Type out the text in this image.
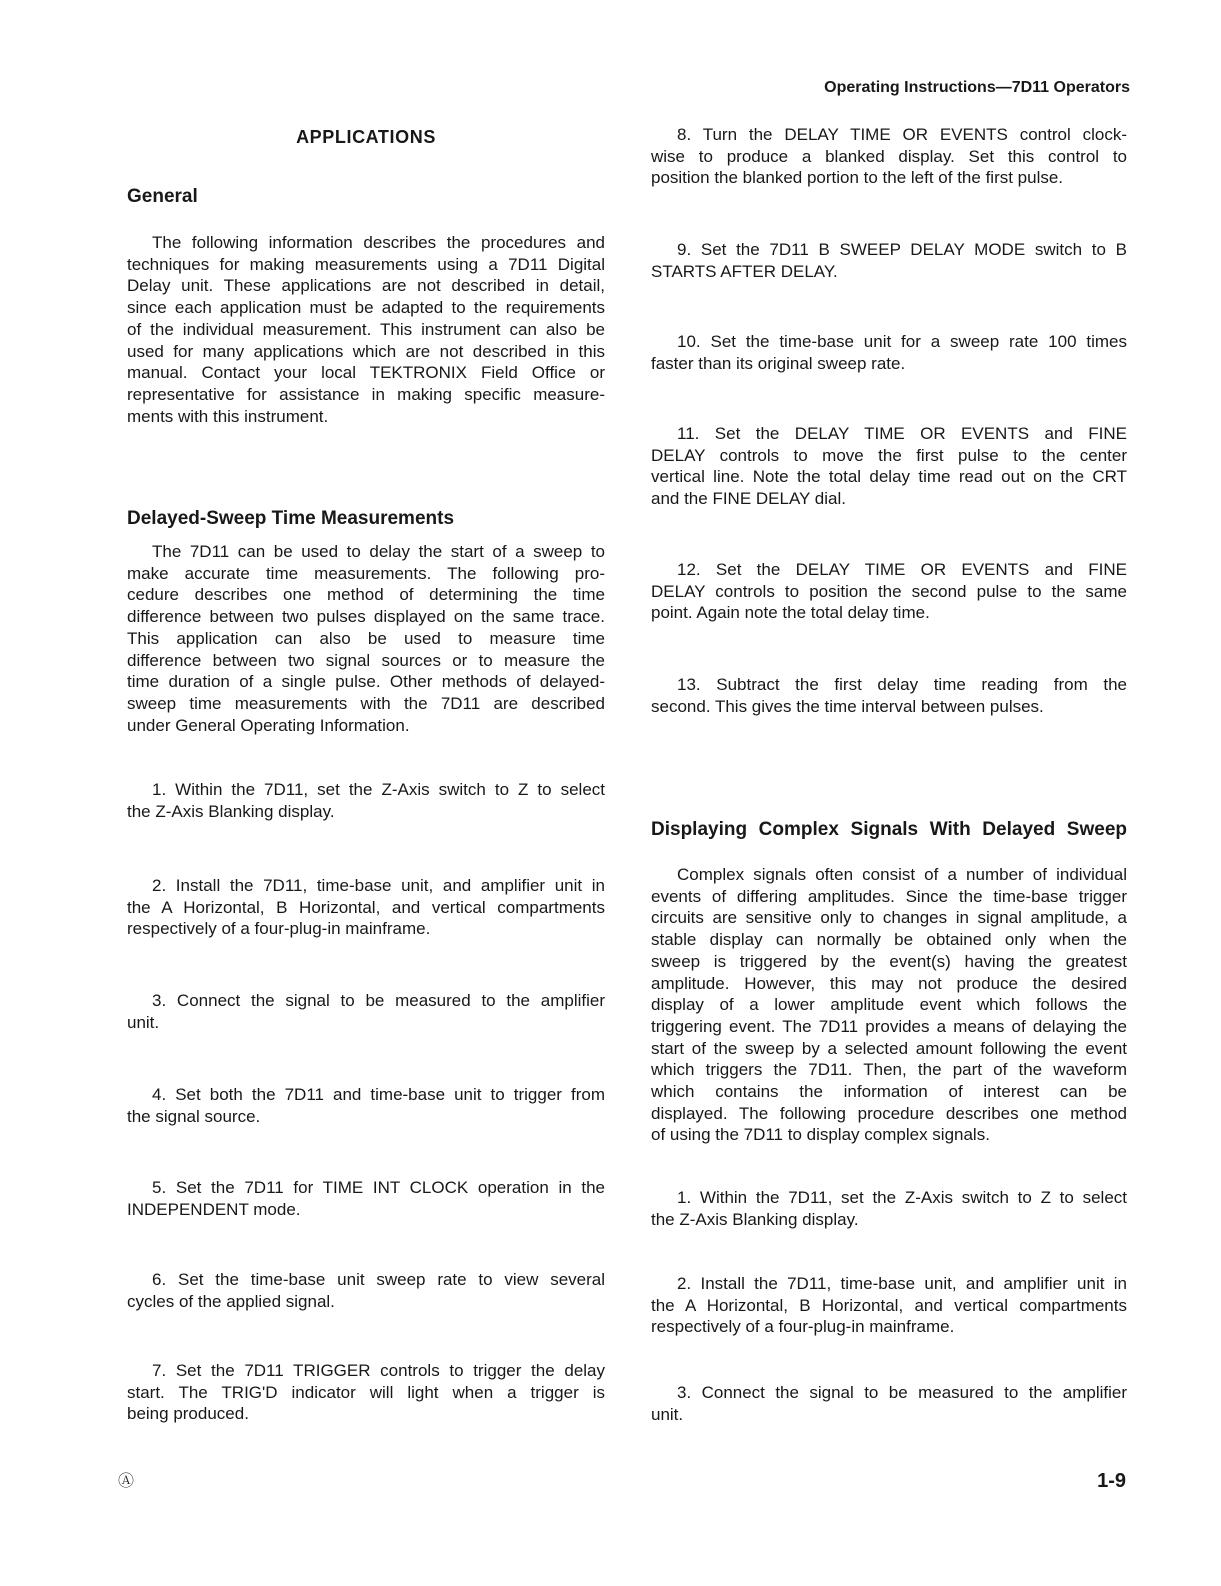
Operating Instructions—7D11 Operators
APPLICATIONS
General
The following information describes the procedures and
techniques for making measurements using a 7D11 Digital
Delay unit. These applications are not described in detail,
since each application must be adapted to the requirements
of the individual measurement. This instrument can also be
used for many applications which are not described in this
manual. Contact your local TEKTRONIX Field Office or
representative for assistance in making specific measure-
ments with this instrument.
Delayed-Sweep Time Measurements
The 7D11 can be used to delay the start of a sweep to
make accurate time measurements. The following pro-
cedure describes one method of determining the time
difference between two pulses displayed on the same trace.
This application can also be used to measure time
difference between two signal sources or to measure the
time duration of a single pulse. Other methods of delayed-
sweep time measurements with the 7D11 are described
under General Operating Information.
1. Within the 7D11, set the Z-Axis switch to Z to select
the Z-Axis Blanking display.
2. Install the 7D11, time-base unit, and amplifier unit in
the A Horizontal, B Horizontal, and vertical compartments
respectively of a four-plug-in mainframe.
3. Connect the signal to be measured to the amplifier
unit.
4. Set both the 7D11 and time-base unit to trigger from
the signal source.
5. Set the 7D11 for TIME INT CLOCK operation in the
INDEPENDENT mode.
6. Set the time-base unit sweep rate to view several
cycles of the applied signal.
7. Set the 7D11 TRIGGER controls to trigger the delay
start. The TRIG'D indicator will light when a trigger is
being produced.
8. Turn the DELAY TIME OR EVENTS control clock-
wise to produce a blanked display. Set this control to
position the blanked portion to the left of the first pulse.
9. Set the 7D11 B SWEEP DELAY MODE switch to B
STARTS AFTER DELAY.
10. Set the time-base unit for a sweep rate 100 times
faster than its original sweep rate.
11. Set the DELAY TIME OR EVENTS and FINE
DELAY controls to move the first pulse to the center
vertical line. Note the total delay time read out on the CRT
and the FINE DELAY dial.
12. Set the DELAY TIME OR EVENTS and FINE
DELAY controls to position the second pulse to the same
point. Again note the total delay time.
13. Subtract the first delay time reading from the
second. This gives the time interval between pulses.
Displaying Complex Signals With Delayed Sweep
Complex signals often consist of a number of individual
events of differing amplitudes. Since the time-base trigger
circuits are sensitive only to changes in signal amplitude, a
stable display can normally be obtained only when the
sweep is triggered by the event(s) having the greatest
amplitude. However, this may not produce the desired
display of a lower amplitude event which follows the
triggering event. The 7D11 provides a means of delaying the
start of the sweep by a selected amount following the event
which triggers the 7D11. Then, the part of the waveform
which contains the information of interest can be
displayed. The following procedure describes one method
of using the 7D11 to display complex signals.
1. Within the 7D11, set the Z-Axis switch to Z to select
the Z-Axis Blanking display.
2. Install the 7D11, time-base unit, and amplifier unit in
the A Horizontal, B Horizontal, and vertical compartments
respectively of a four-plug-in mainframe.
3. Connect the signal to be measured to the amplifier
unit.
Ⓐ	1-9
